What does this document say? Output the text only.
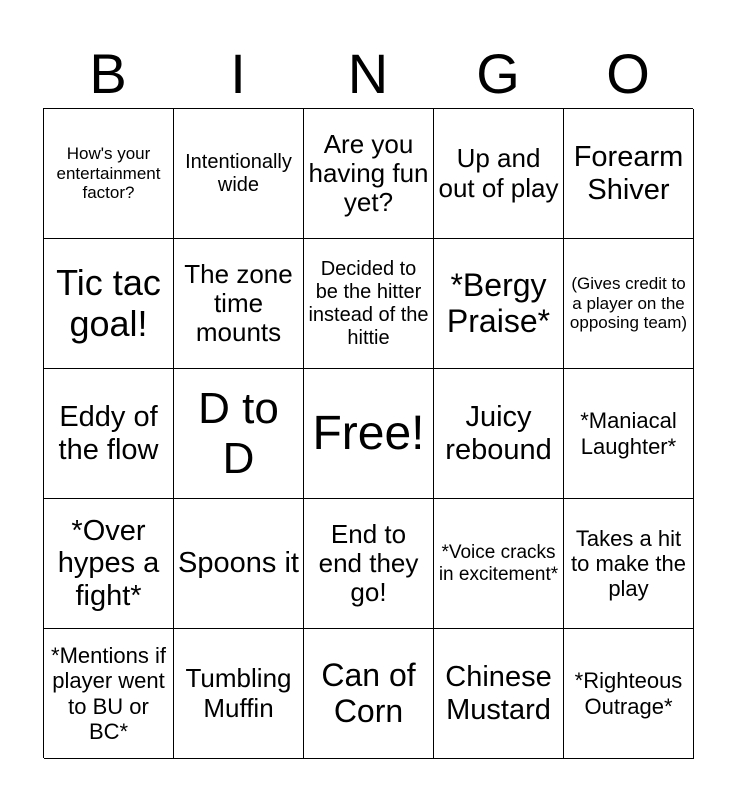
B	I	N	G	O
How's your entertainment factor?
Intentionally wide
Are you having fun yet?
Up and out of play
Forearm Shiver
Tic tac goal!
The zone time mounts
Decided to be the hitter instead of the hittie
*Bergy Praise*
(Gives credit to a player on the opposing team)
Eddy of the flow
D to D	Free!	Juicy rebound
*Maniacal Laughter*
*Over hypes a fight*
Spoons it
End to end they go!
*Voice cracks in excitement*
Takes a hit to make the play
*Mentions if player went to BU or BC*
Tumbling Muffin
Can of Corn
Chinese Mustard
*Righteous Outrage*
